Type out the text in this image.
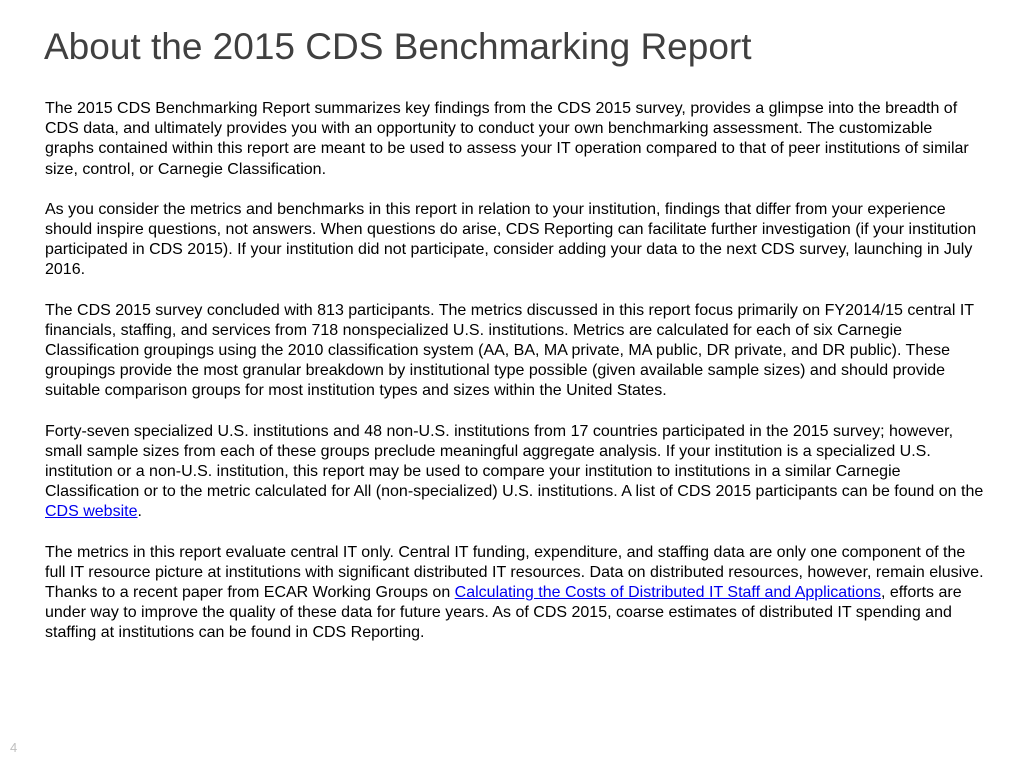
About the 2015 CDS Benchmarking Report

The 2015 CDS Benchmarking Report summarizes key findings from the CDS 2015 survey, provides a glimpse into the breadth of CDS data, and ultimately provides you with an opportunity to conduct your own benchmarking assessment. The customizable graphs contained within this report are meant to be used to assess your IT operation compared to that of peer institutions of similar size, control, or Carnegie Classification.

As you consider the metrics and benchmarks in this report in relation to your institution, findings that differ from your experience should inspire questions, not answers. When questions do arise, CDS Reporting can facilitate further investigation (if your institution participated in CDS 2015). If your institution did not participate, consider adding your data to the next CDS survey, launching in July 2016.

The CDS 2015 survey concluded with 813 participants. The metrics discussed in this report focus primarily on FY2014/15 central IT financials, staffing, and services from 718 nonspecialized U.S. institutions. Metrics are calculated for each of six Carnegie Classification groupings using the 2010 classification system (AA, BA, MA private, MA public, DR private, and DR public). These groupings provide the most granular breakdown by institutional type possible (given available sample sizes) and should provide suitable comparison groups for most institution types and sizes within the United States.

Forty-seven specialized U.S. institutions and 48 non-U.S. institutions from 17 countries participated in the 2015 survey; however, small sample sizes from each of these groups preclude meaningful aggregate analysis. If your institution is a specialized U.S. institution or a non-U.S. institution, this report may be used to compare your institution to institutions in a similar Carnegie Classification or to the metric calculated for All (non-specialized) U.S. institutions. A list of CDS 2015 participants can be found on the CDS website.

The metrics in this report evaluate central IT only. Central IT funding, expenditure, and staffing data are only one component of the full IT resource picture at institutions with significant distributed IT resources. Data on distributed resources, however, remain elusive. Thanks to a recent paper from ECAR Working Groups on Calculating the Costs of Distributed IT Staff and Applications, efforts are under way to improve the quality of these data for future years. As of CDS 2015, coarse estimates of distributed IT spending and staffing at institutions can be found in CDS Reporting.

4
